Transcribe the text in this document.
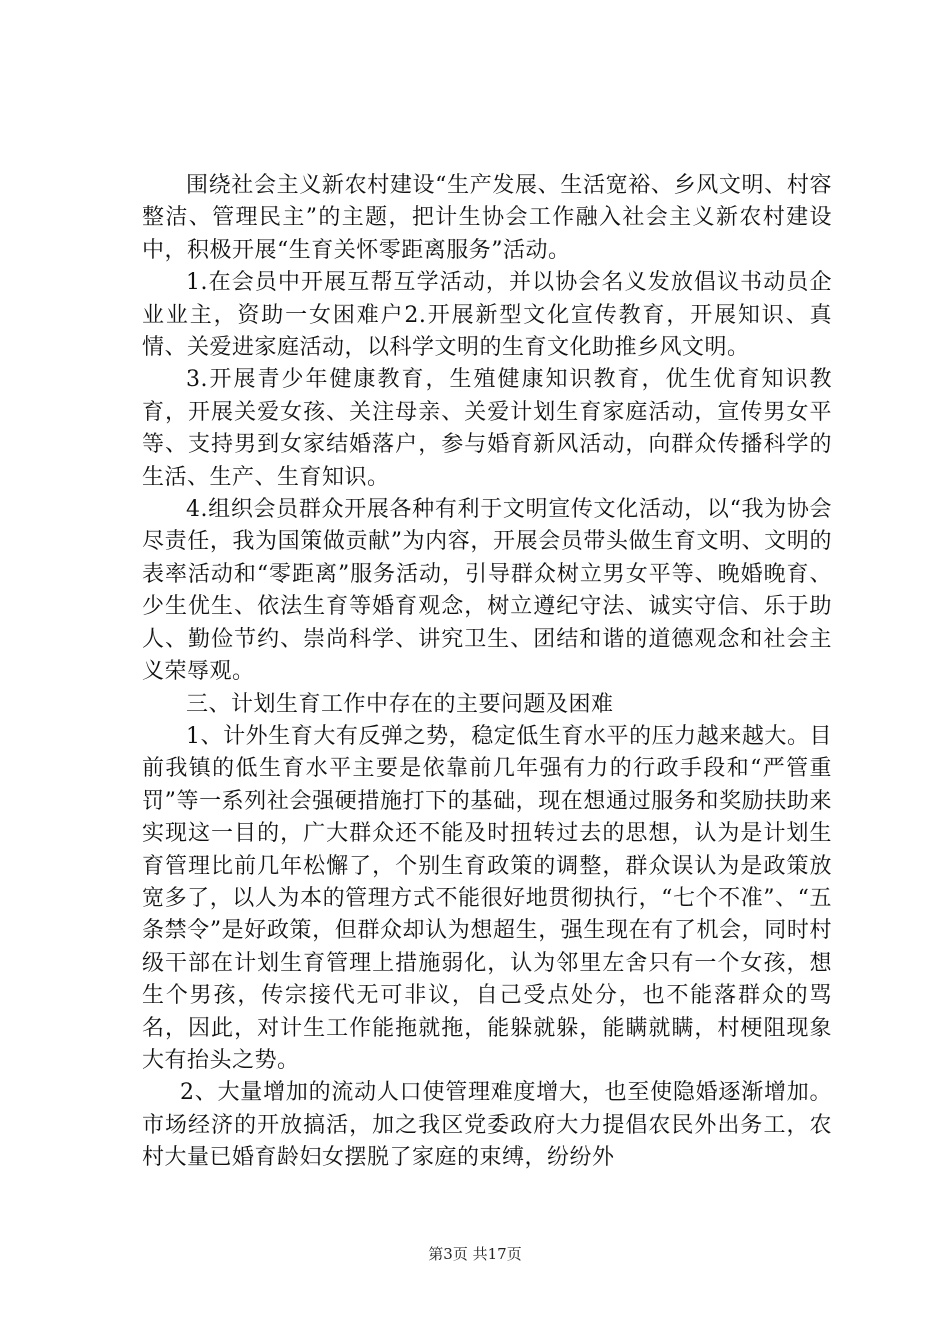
围绕社会主义新农村建设“生产发展、生活宽裕、乡风文明、村容整洁、管理民主”的主题，把计生协会工作融入社会主义新农村建设中，积极开展“生育关怀零距离服务”活动。

1.在会员中开展互帮互学活动，并以协会名义发放倡议书动员企业业主，资助一女困难户2.开展新型文化宣传教育，开展知识、真情、关爱进家庭活动，以科学文明的生育文化助推乡风文明。

3.开展青少年健康教育，生殖健康知识教育，优生优育知识教育，开展关爱女孩、关注母亲、关爱计划生育家庭活动，宣传男女平等、支持男到女家结婚落户，参与婚育新风活动，向群众传播科学的生活、生产、生育知识。

4.组织会员群众开展各种有利于文明宣传文化活动，以“我为协会尽责任，我为国策做贡献”为内容，开展会员带头做生育文明、文明的表率活动和“零距离”服务活动，引导群众树立男女平等、晚婚晚育、少生优生、依法生育等婚育观念，树立遵纪守法、诚实守信、乐于助人、勤俭节约、崇尚科学、讲究卫生、团结和谐的道德观念和社会主义荣辱观。

三、计划生育工作中存在的主要问题及困难

1、计外生育大有反弹之势，稳定低生育水平的压力越来越大。目前我镇的低生育水平主要是依靠前几年强有力的行政手段和“严管重罚”等一系列社会强硬措施打下的基础，现在想通过服务和奖励扶助来实现这一目的，广大群众还不能及时扭转过去的思想，认为是计划生育管理比前几年松懈了，个别生育政策的调整，群众误认为是政策放宽多了，以人为本的管理方式不能很好地贯彻执行，“七个不准”、“五条禁令”是好政策，但群众却认为想超生，强生现在有了机会，同时村级干部在计划生育管理上措施弱化，认为邻里左舍只有一个女孩，想生个男孩，传宗接代无可非议，自己受点处分，也不能落群众的骂名，因此，对计生工作能拖就拖，能躲就躲，能瞒就瞒，村梗阻现象大有抬头之势。

2、大量增加的流动人口使管理难度增大，也至使隐婚逐渐增加。市场经济的开放搞活，加之我区党委政府大力提倡农民外出务工，农村大量已婚育龄妇女摆脱了家庭的束缚，纷纷外

第3页 共17页
